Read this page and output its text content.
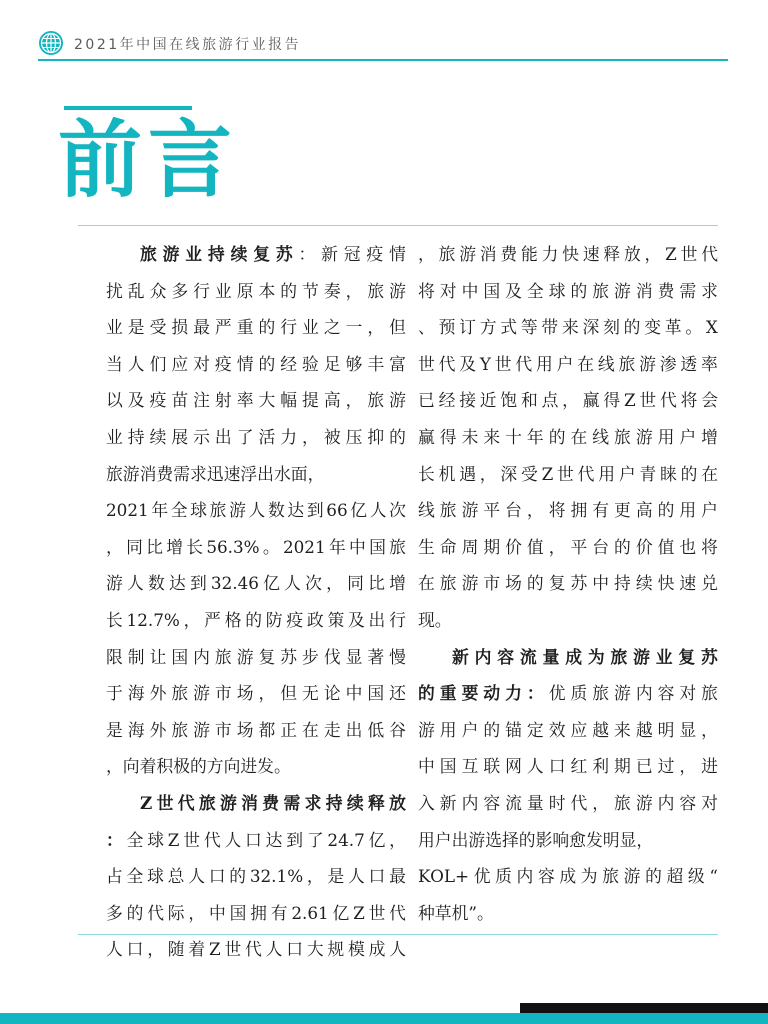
2021年中国在线旅游行业报告
前言
旅 游 业 持 续 复 苏 ： 新 冠 疫 情
扰 乱 众 多 行 业 原 本 的 节 奏 ， 旅 游
业 是 受 损 最 严 重 的 行 业 之 一 ， 但
当 人 们 应 对 疫 情 的 经 验 足 够 丰 富
以 及 疫 苗 注 射 率 大 幅 提 高 ， 旅 游
业 持 续 展 示 出 了 活 力 ， 被 压 抑 的
旅游消费需求迅速浮出水面，
2021 年 全 球 旅 游 人 数 达 到 66 亿 人 次
， 同 比 增 长 56.3% 。 2021 年 中 国 旅
游 人 数 达 到 32.46 亿 人 次 ， 同 比 增
长 12.7% ， 严 格 的 防 疫 政 策 及 出 行
限 制 让 国 内 旅 游 复 苏 步 伐 显 著 慢
于 海 外 旅 游 市 场 ， 但 无 论 中 国 还
是 海 外 旅 游 市 场 都 正 在 走 出 低 谷
，向着积极的方向进发。
Z 世 代 旅 游 消 费 需 求 持 续 释 放
： 全 球 Z 世 代 人 口 达 到 了 24.7 亿 ，
占 全 球 总 人 口 的 32.1% ， 是 人 口 最
多 的 代 际 ， 中 国 拥 有 2.61 亿 Z 世 代
人 口 ， 随 着 Z 世 代 人 口 大 规 模 成 人
， 旅 游 消 费 能 力 快 速 释 放 ， Z 世 代
将 对 中 国 及 全 球 的 旅 游 消 费 需 求
、 预 订 方 式 等 带 来 深 刻 的 变 革 。 X
世 代 及 Y 世 代 用 户 在 线 旅 游 渗 透 率
已 经 接 近 饱 和 点 ， 赢 得 Z 世 代 将 会
赢 得 未 来 十 年 的 在 线 旅 游 用 户 增
长 机 遇 ， 深 受 Z 世 代 用 户 青 睐 的 在
线 旅 游 平 台 ， 将 拥 有 更 高 的 用 户
生 命 周 期 价 值 ， 平 台 的 价 值 也 将
在 旅 游 市 场 的 复 苏 中 持 续 快 速 兑
现。
新 内 容 流 量 成 为 旅 游 业 复 苏
的 重 要 动 力 ： 优 质 旅 游 内 容 对 旅
游 用 户 的 锚 定 效 应 越 来 越 明 显 ，
中 国 互 联 网 人 口 红 利 期 已 过 ， 进
入 新 内 容 流 量 时 代 ， 旅 游 内 容 对
用户出游选择的影响愈发明显，
KOL+ 优 质 内 容 成 为 旅 游 的 超 级 “
种草机”。
